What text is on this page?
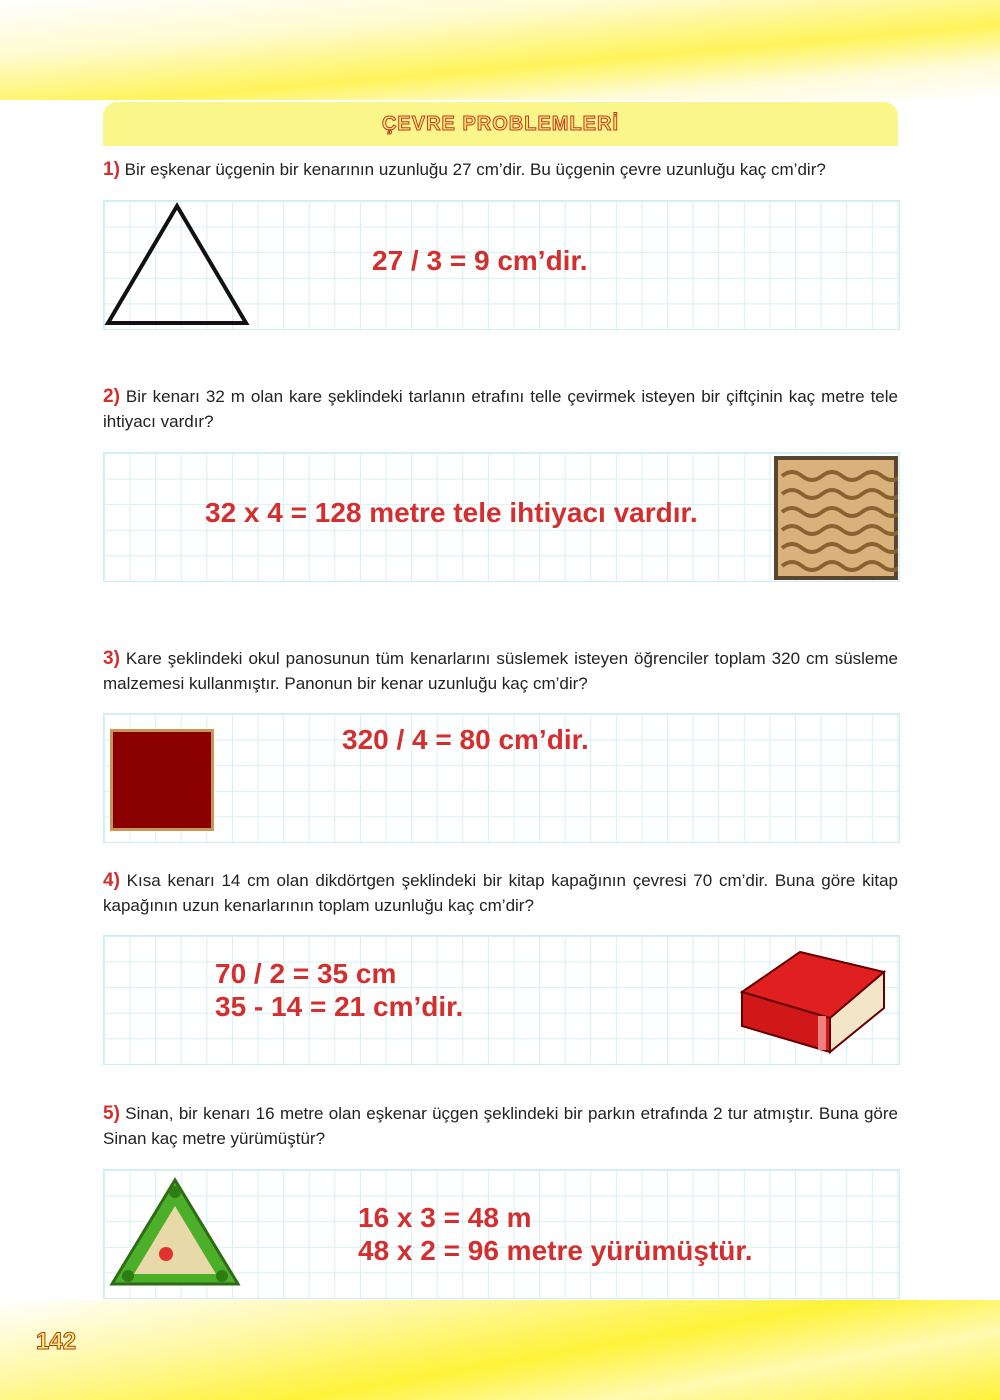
ÇEVRE PROBLEMLERİ
1) Bir eşkenar üçgenin bir kenarının uzunluğu 27 cm’dir. Bu üçgenin çevre uzunluğu kaç cm’dir?
27 / 3 = 9 cm’dir.
2) Bir kenarı 32 m olan kare şeklindeki tarlanın etrafını telle çevirmek isteyen bir çiftçinin kaç metre tele ihtiyacı vardır?
32 x 4 = 128 metre tele ihtiyacı vardır.
3) Kare şeklindeki okul panosunun tüm kenarlarını süslemek isteyen öğrenciler toplam 320 cm süsleme malzemesi kullanmıştır. Panonun bir kenar uzunluğu kaç cm’dir?
320 / 4 = 80 cm’dir.
4) Kısa kenarı 14 cm olan dikdörtgen şeklindeki bir kitap kapağının çevresi 70 cm’dir. Buna göre kitap kapağının uzun kenarlarının toplam uzunluğu kaç cm’dir?
70 / 2 = 35 cm
35 - 14 = 21 cm’dir.
5) Sinan, bir kenarı 16 metre olan eşkenar üçgen şeklindeki bir parkın etrafında 2 tur atmıştır. Buna göre Sinan kaç metre yürümüştür?
16 x 3 = 48 m
48 x 2 = 96 metre yürümüştür.
142
